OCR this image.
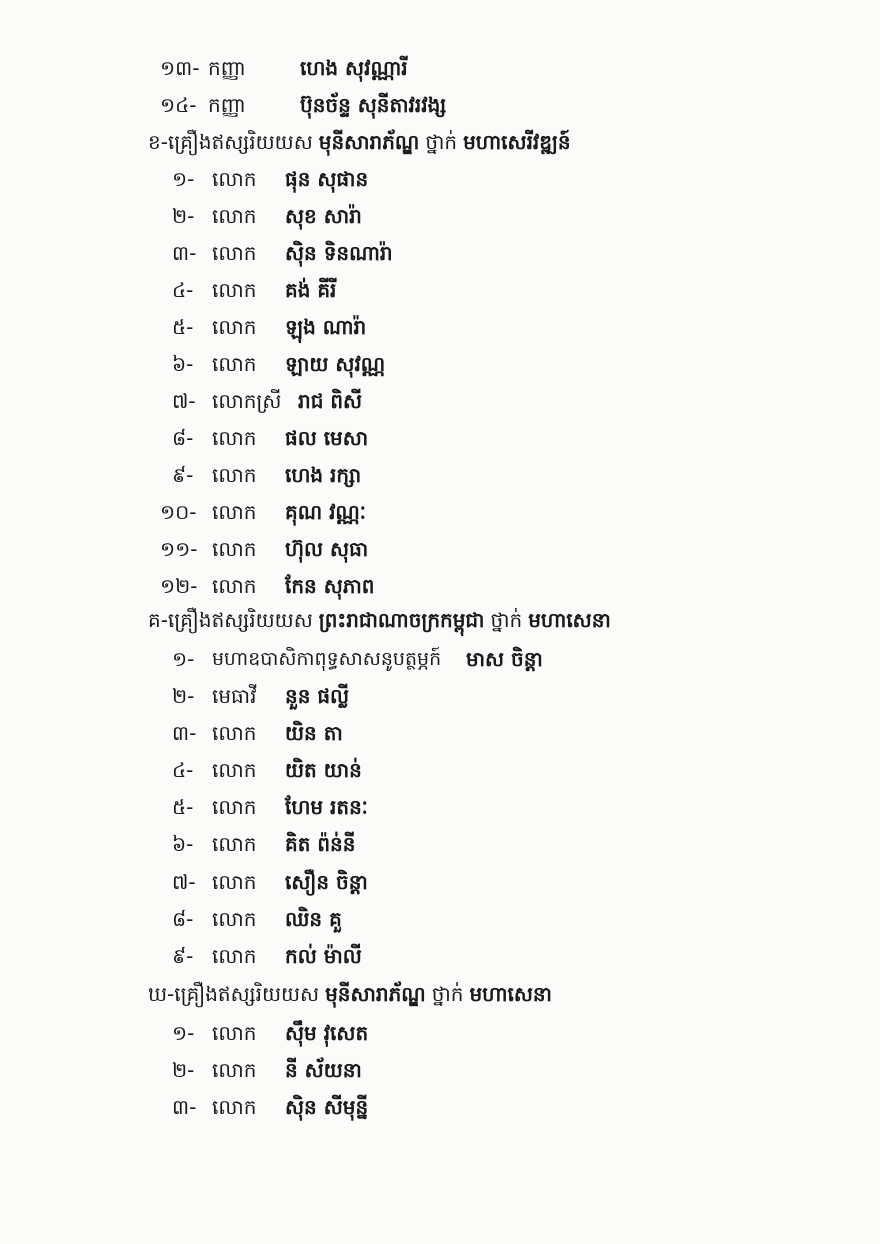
១៣- កញ្ញា	ហេង សុវណ្ណារី
១៤- កញ្ញា	ប៊ុនច័ន្ទ សុនីតាវរវង្ស
ខ-គ្រឿងឥស្សរិយយស មុនីសារាភ័ណ្ឌ ថ្នាក់ មហាសេរីវឌ្ឍន៍
១- លោក ផុន សុផាន
២- លោក សុខ សារ៉ា
៣- លោក ស៊ិន ទិនណារ៉ា
៤- លោក គង់ គីរី
៥- លោក ឡុង ណារ៉ា
៦- លោក ឡាយ សុវណ្ណ
៧- លោកស្រី រាជ ពិសី
៨- លោក ផល មេសា
៩- លោក ហេង រក្សា
១០- លោក គុណ វណ្ណៈ
១១- លោក ហ៊ុល សុធា
១២- លោក កែន សុភាព
គ-គ្រឿងឥស្សរិយយស ព្រះរាជាណាចក្រកម្ពុជា ថ្នាក់ មហាសេនា
១- មហាឧបាសិកាពុទ្ធសាសនូបត្ថម្ភក៍ មាស ចិន្តា
២- មេធាវី នួន ផល្លី
៣- លោក យិន តា
៤- លោក យិត យាន់
៥- លោក ហែម រតនៈ
៦- លោក គិត ព៉ន់នី
៧- លោក សឿន ចិន្តា
៨- លោក ឈិន គួ
៩- លោក កល់ ម៉ាលី
ឃ-គ្រឿងឥស្សរិយយស មុនីសារាភ័ណ្ឌ ថ្នាក់ មហាសេនា
១- លោក ស៊ឹម វុសេត
២- លោក នី ស័យនា
៣- លោក ស៊ិន សីមុន្នី
